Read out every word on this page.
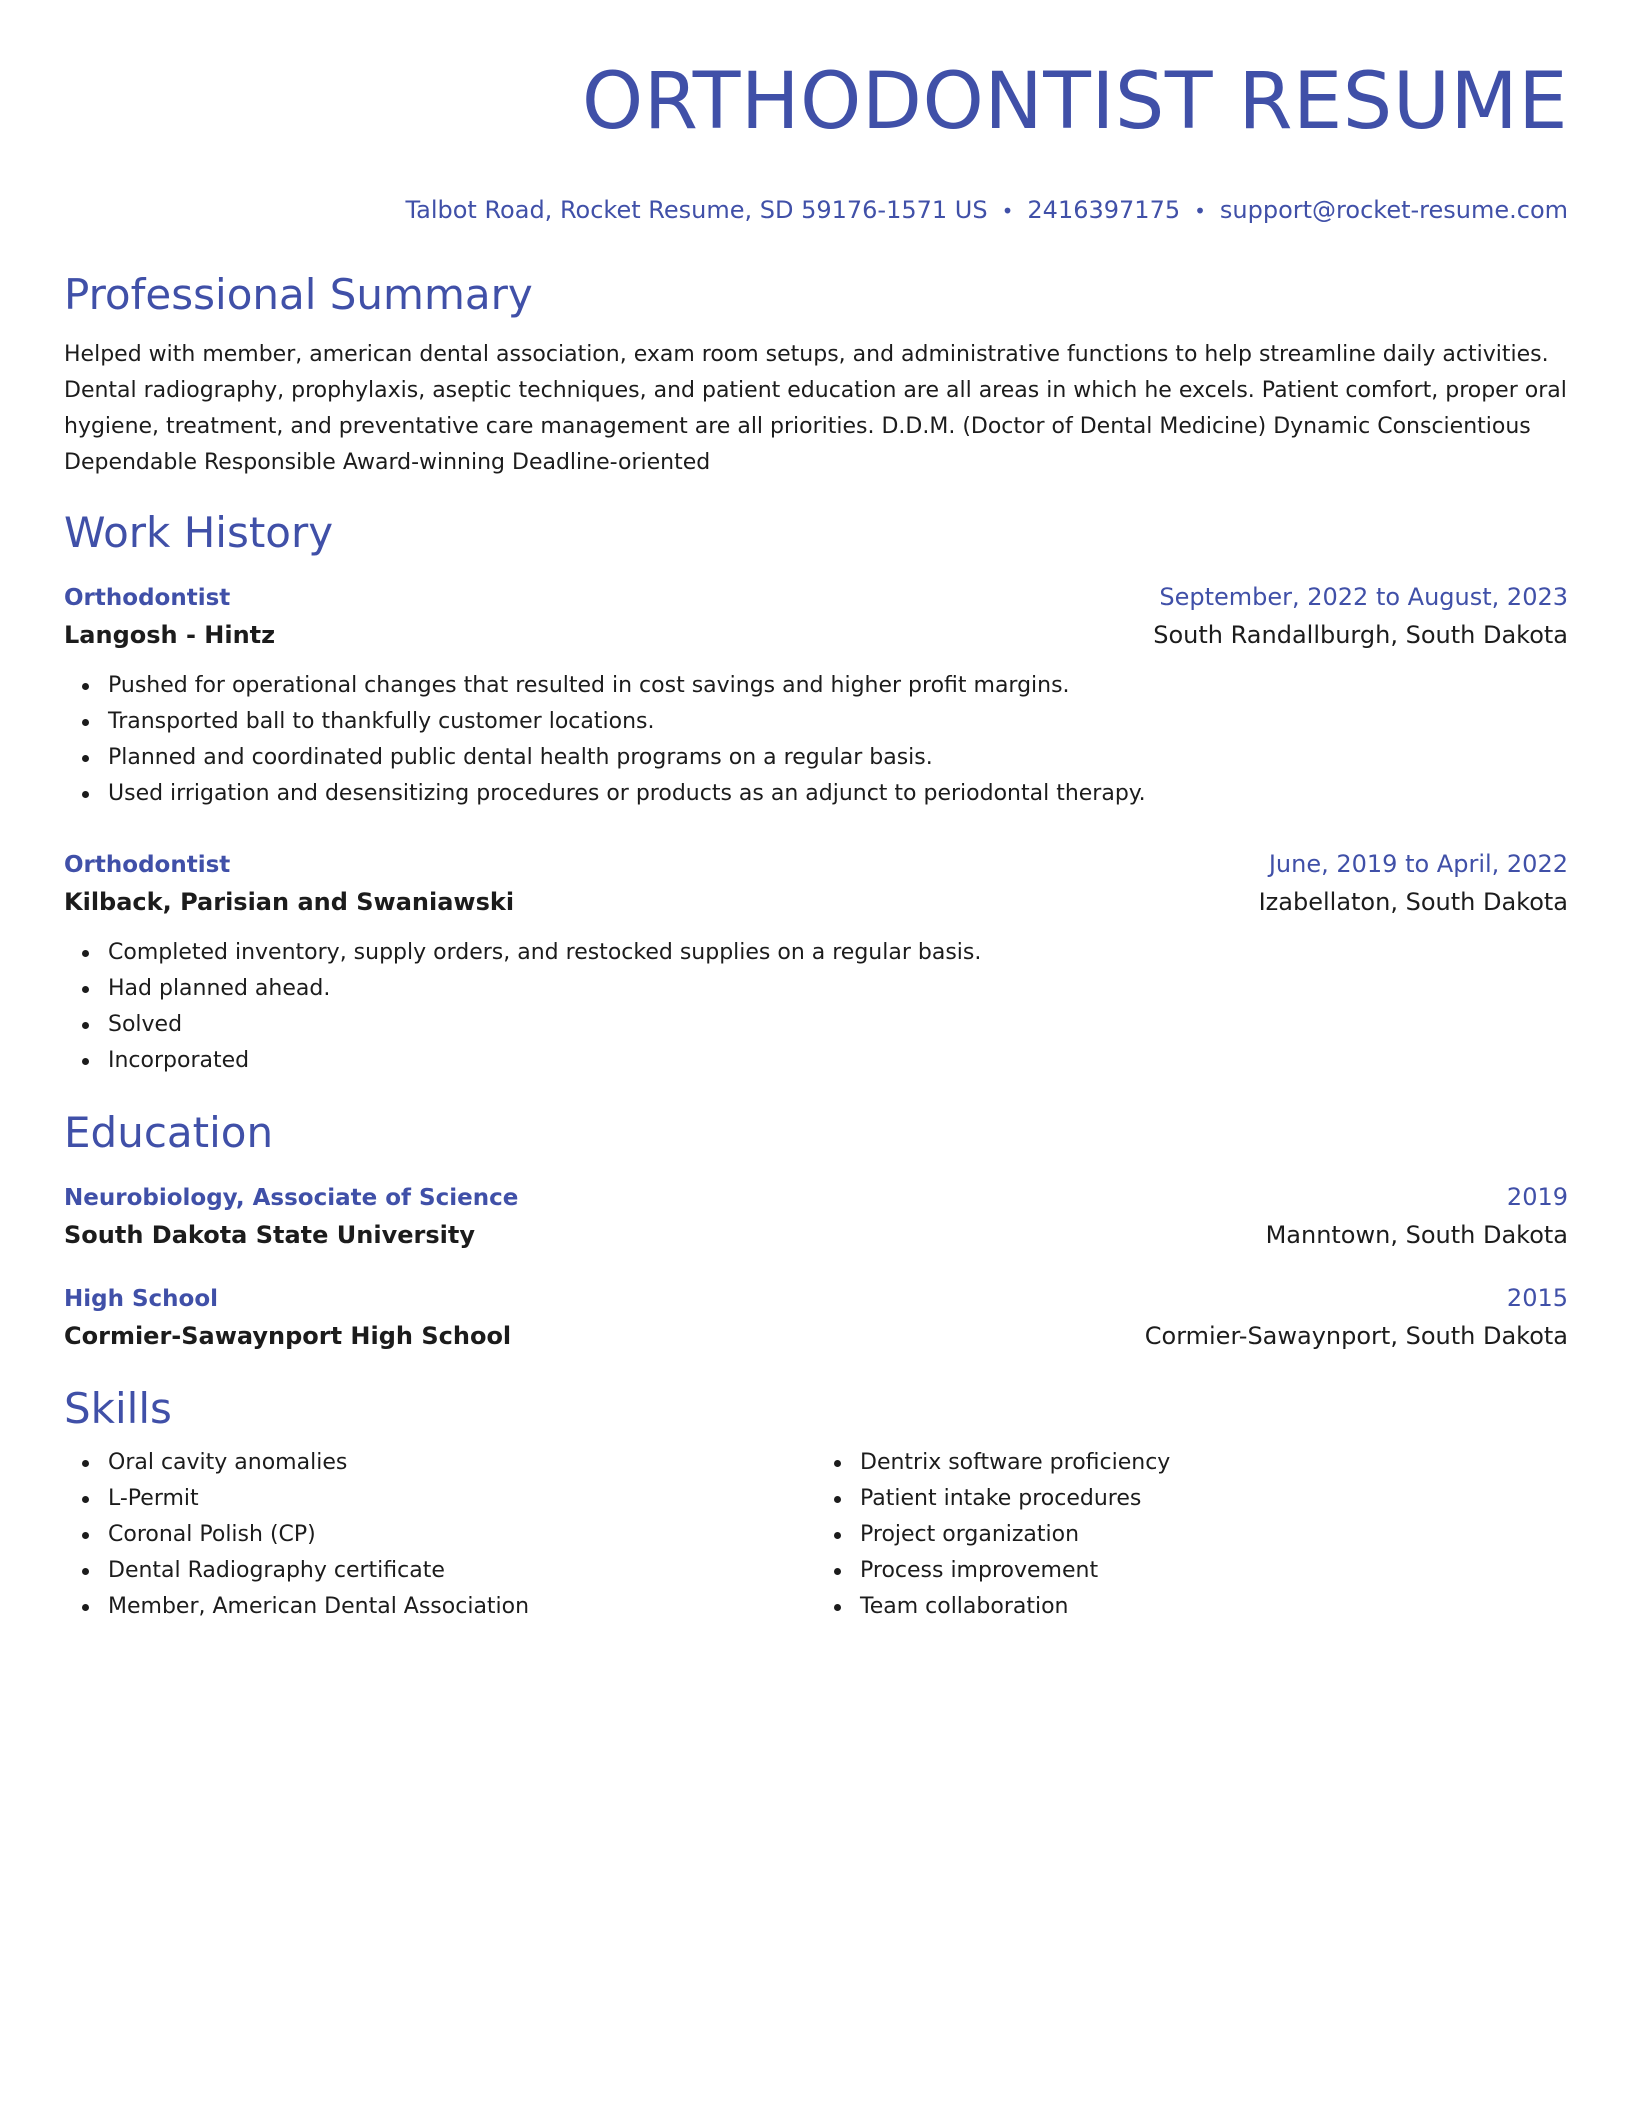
ORTHODONTIST RESUME
Talbot Road, Rocket Resume, SD 59176-1571 US • 2416397175 • support@rocket-resume.com
Professional Summary
Helped with member, american dental association, exam room setups, and administrative functions to help streamline daily activities. Dental radiography, prophylaxis, aseptic techniques, and patient education are all areas in which he excels. Patient comfort, proper oral hygiene, treatment, and preventative care management are all priorities. D.D.M. (Doctor of Dental Medicine) Dynamic Conscientious Dependable Responsible Award-winning Deadline-oriented
Work History
Orthodontist	September, 2022 to August, 2023
Langosh - Hintz	South Randallburgh, South Dakota
Pushed for operational changes that resulted in cost savings and higher profit margins.
Transported ball to thankfully customer locations.
Planned and coordinated public dental health programs on a regular basis.
Used irrigation and desensitizing procedures or products as an adjunct to periodontal therapy.
Orthodontist	June, 2019 to April, 2022
Kilback, Parisian and Swaniawski	Izabellaton, South Dakota
Completed inventory, supply orders, and restocked supplies on a regular basis.
Had planned ahead.
Solved
Incorporated
Education
Neurobiology, Associate of Science	2019
South Dakota State University	Manntown, South Dakota
High School	2015
Cormier-Sawaynport High School	Cormier-Sawaynport, South Dakota
Skills
Oral cavity anomalies
L-Permit
Coronal Polish (CP)
Dental Radiography certificate
Member, American Dental Association
Dentrix software proficiency
Patient intake procedures
Project organization
Process improvement
Team collaboration
